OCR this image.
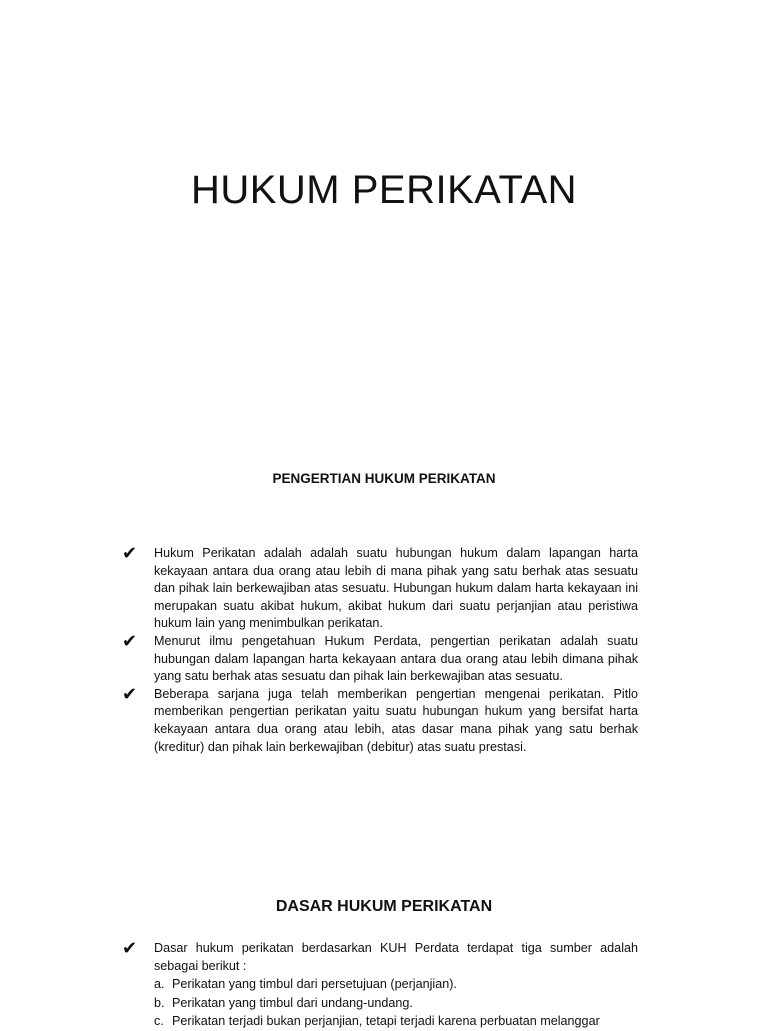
HUKUM PERIKATAN
PENGERTIAN HUKUM PERIKATAN
✔ Hukum Perikatan adalah adalah suatu hubungan hukum dalam lapangan harta kekayaan antara dua orang atau lebih di mana pihak yang satu berhak atas sesuatu dan pihak lain berkewajiban atas sesuatu. Hubungan hukum dalam harta kekayaan ini merupakan suatu akibat hukum, akibat hukum dari suatu perjanjian atau peristiwa hukum lain yang menimbulkan perikatan.

✔ Menurut ilmu pengetahuan Hukum Perdata, pengertian perikatan adalah suatu hubungan dalam lapangan harta kekayaan antara dua orang atau lebih dimana pihak yang satu berhak atas sesuatu dan pihak lain berkewajiban atas sesuatu.

✔ Beberapa sarjana juga telah memberikan pengertian mengenai perikatan. Pitlo memberikan pengertian perikatan yaitu suatu hubungan hukum yang bersifat harta kekayaan antara dua orang atau lebih, atas dasar mana pihak yang satu berhak (kreditur) dan pihak lain berkewajiban (debitur) atas suatu prestasi.

DASAR HUKUM PERIKATAN
✔ Dasar hukum perikatan berdasarkan KUH Perdata terdapat tiga sumber adalah sebagai berikut :

a. Perikatan yang timbul dari persetujuan (perjanjian).
b. Perikatan yang timbul dari undang-undang.
c. Perikatan terjadi bukan perjanjian, tetapi terjadi karena perbuatan melanggar
